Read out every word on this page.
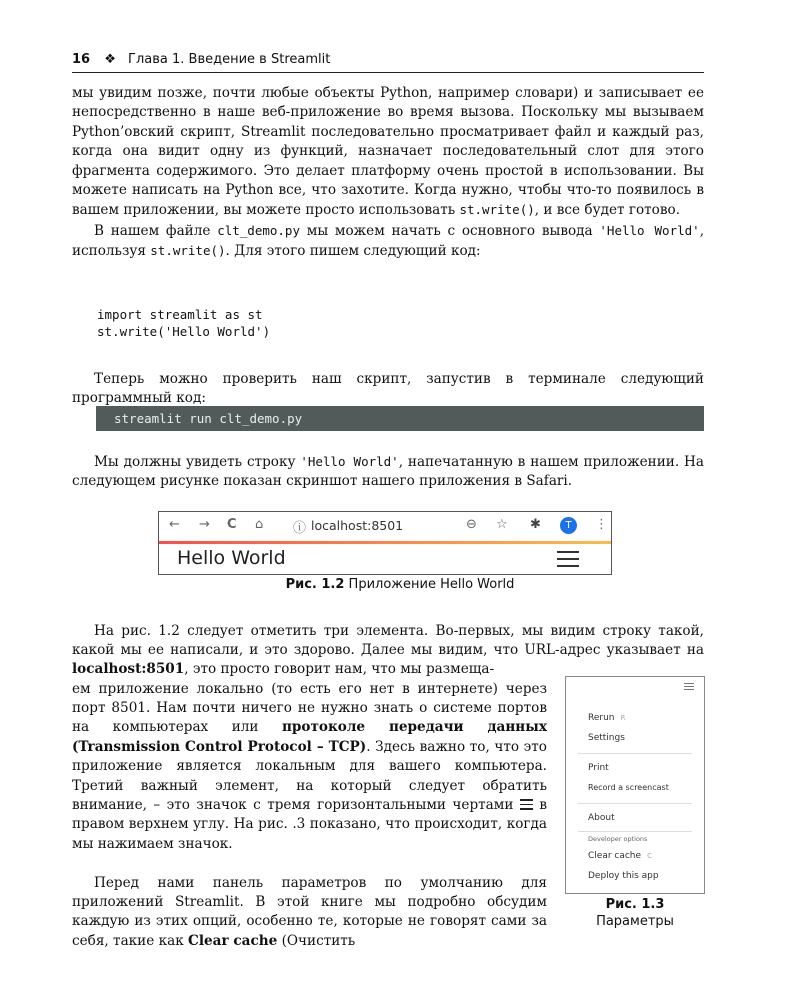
16 ❖ Глава 1. Введение в Streamlit

мы увидим позже, почти любые объекты Python, например словари) и записывает ее непосредственно в наше веб-приложение во время вызова. Поскольку мы вызываем Python’овский скрипт, Streamlit последовательно просматривает файл и каждый раз, когда она видит одну из функций, назначает последовательный слот для этого фрагмента содержимого. Это делает платформу очень простой в использовании. Вы можете написать на Python все, что захотите. Когда нужно, чтобы что-то появилось в вашем приложении, вы можете просто использовать st.write(), и все будет готово.

В нашем файле clt_demo.py мы можем начать с основного вывода 'Hello World', используя st.write(). Для этого пишем следующий код:

import streamlit as st
st.write('Hello World')

Теперь можно проверить наш скрипт, запустив в терминале следующий программный код:

streamlit run clt_demo.py

Мы должны увидеть строку 'Hello World', напечатанную в нашем приложении. На следующем рисунке показан скриншот нашего приложения в Safari.

← → C ⌂ ⓘ localhost:8501	⊖ ☆ ✱	T	⋮
Hello World
Рис. 1.2 Приложение Hello World

На рис. 1.2 следует отметить три элемента. Во-первых, мы видим строку такой, какой мы ее написали, и это здорово. Далее мы видим, что URL-адрес указывает на localhost:8501, это просто говорит нам, что мы размеща-

ем приложение локально (то есть его нет в интернете) через порт 8501. Нам почти ничего не нужно знать о системе портов на компьютерах или протоколе передачи данных (Transmission Control Protocol – TCP). Здесь важно то, что это приложение является локальным для вашего компьютера. Третий важный элемент, на который следует обратить внимание, – это значок с тремя горизонтальными чертами
в правом верхнем углу. На рис. .3 показано, что происходит, когда мы нажимаем значок.

Перед нами панель параметров по умолчанию для приложений Streamlit. В этой книге мы подробно обсудим каждую из этих опций, особенно те, которые не говорят сами за себя, такие как Clear cache (Очистить

Rerun R
Settings
Print
Record a screencast
About
Developer options
Clear cache C
Deploy this app
Рис. 1.3
Параметры
